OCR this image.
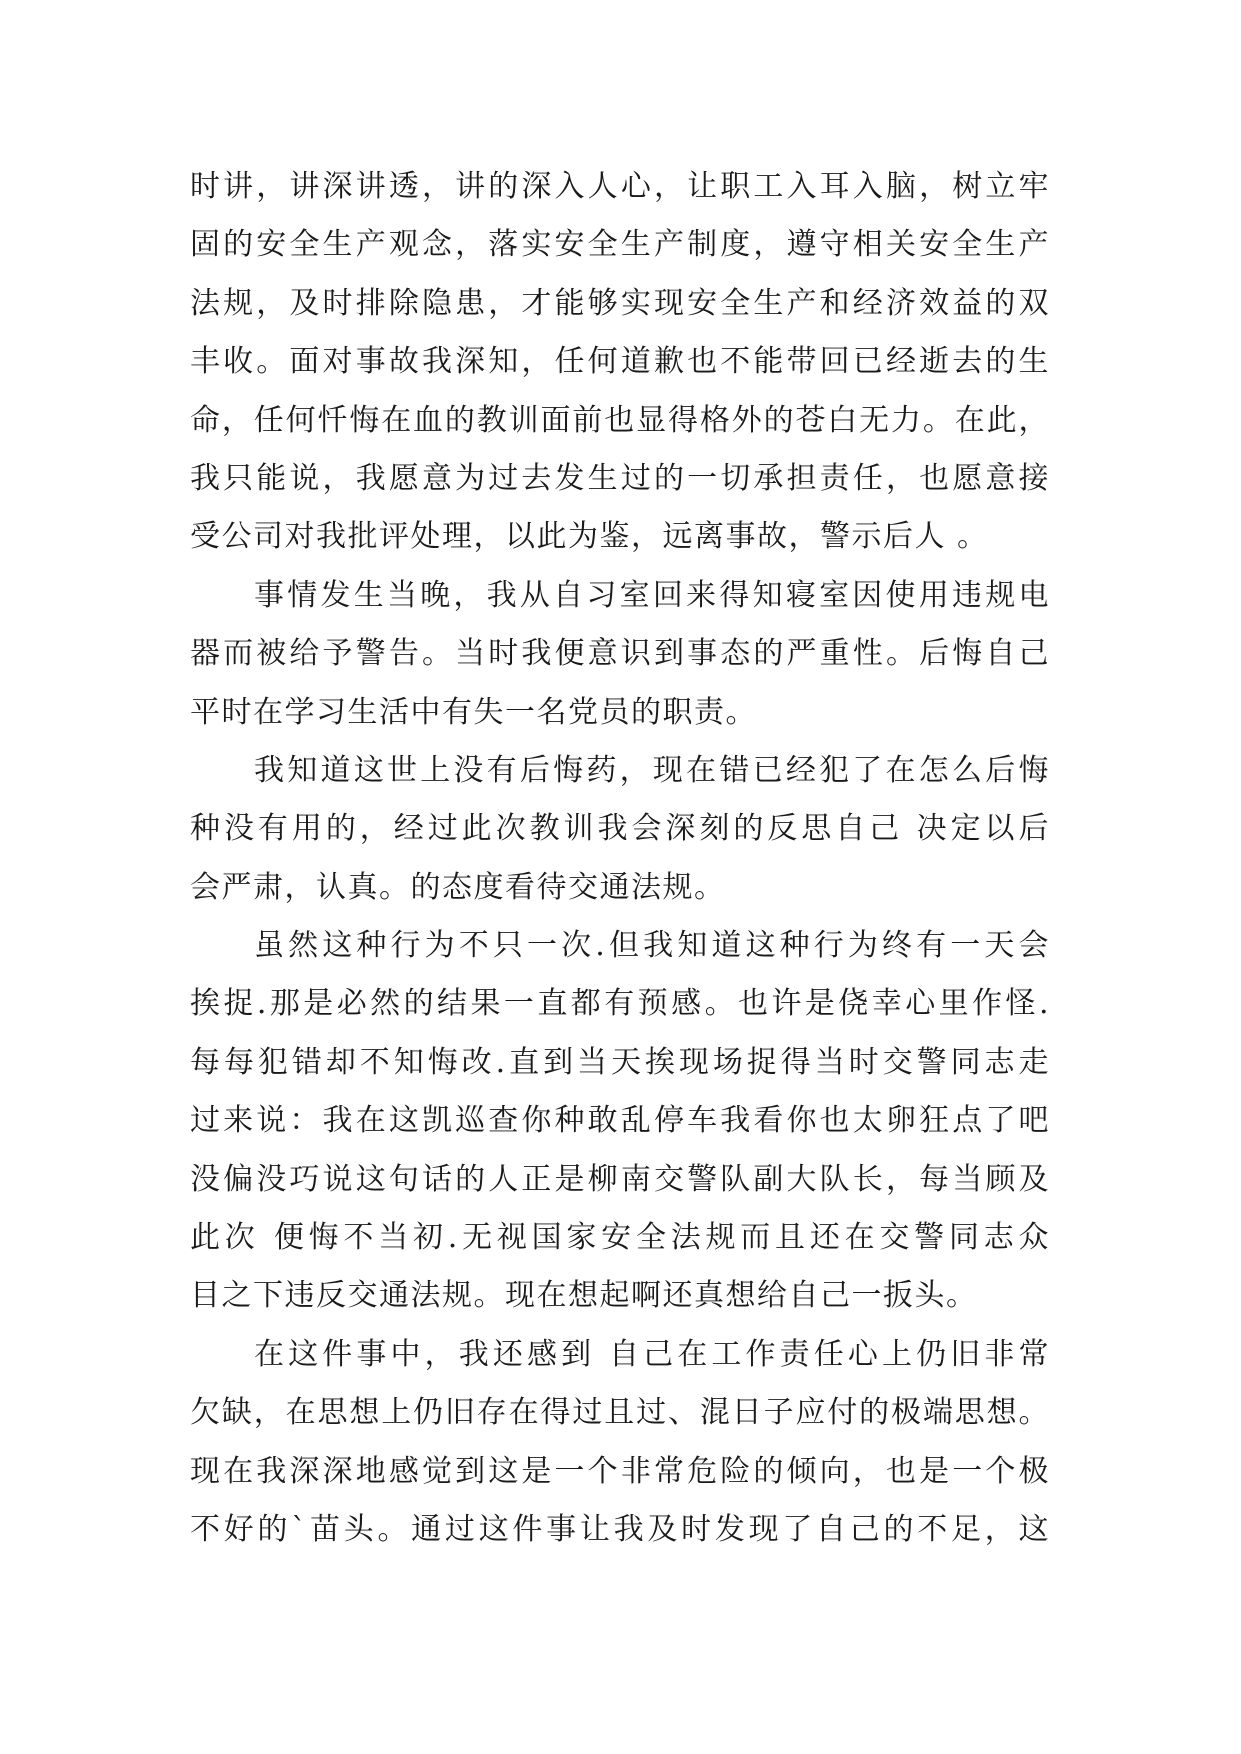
时讲，讲深讲透，讲的深入人心，让职工入耳入脑，树立牢
固的安全生产观念，落实安全生产制度，遵守相关安全生产
法规，及时排除隐患，才能够实现安全生产和经济效益的双
丰收。面对事故我深知，任何道歉也不能带回已经逝去的生
命，任何忏悔在血的教训面前也显得格外的苍白无力。在此，
我只能说，我愿意为过去发生过的一切承担责任，也愿意接
受公司对我批评处理，以此为鉴，远离事故，警示后人 。
事情发生当晚，我从自习室回来得知寝室因使用违规电
器而被给予警告。当时我便意识到事态的严重性。后悔自己
平时在学习生活中有失一名党员的职责。
我知道这世上没有后悔药，现在错已经犯了在怎么后悔
种没有用的，经过此次教训我会深刻的反思自己 决定以后
会严肃，认真。的态度看待交通法规。
虽然这种行为不只一次.但我知道这种行为终有一天会
挨捉.那是必然的结果一直都有预感。也许是侥幸心里作怪.
每每犯错却不知悔改.直到当天挨现场捉得当时交警同志走
过来说：我在这凯巡查你种敢乱停车我看你也太卵狂点了吧
没偏没巧说这句话的人正是柳南交警队副大队长，每当顾及
此次 便悔不当初.无视国家安全法规而且还在交警同志众
目之下违反交通法规。现在想起啊还真想给自己一扳头。
在这件事中，我还感到 自己在工作责任心上仍旧非常
欠缺，在思想上仍旧存在得过且过、混日子应付的极端思想。
现在我深深地感觉到这是一个非常危险的倾向，也是一个极
不好的`苗头。通过这件事让我及时发现了自己的不足，这
